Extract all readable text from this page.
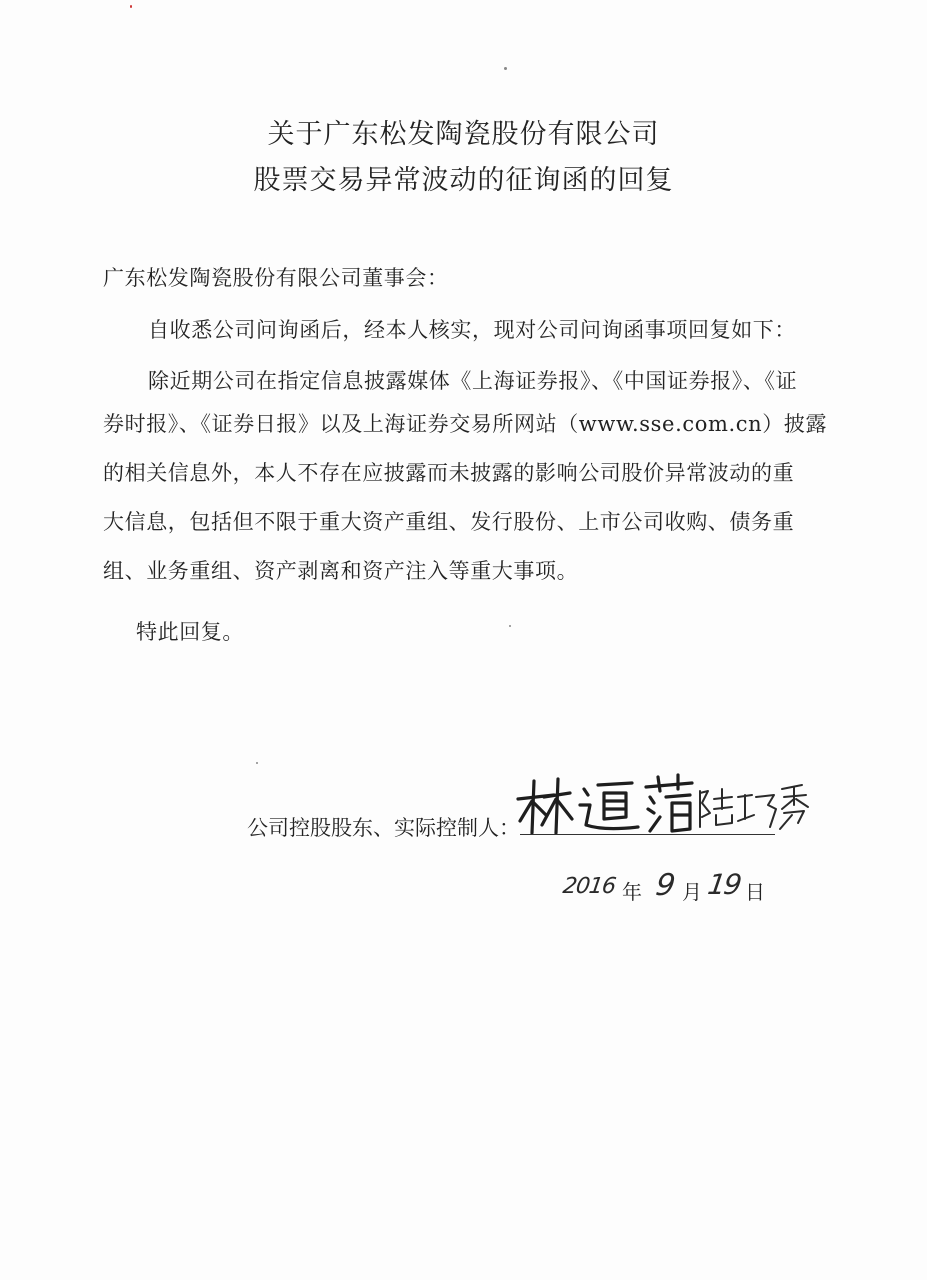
关于广东松发陶瓷股份有限公司
股票交易异常波动的征询函的回复
广东松发陶瓷股份有限公司董事会：
自收悉公司问询函后，经本人核实，现对公司问询函事项回复如下：
除近期公司在指定信息披露媒体《上海证券报》、《中国证券报》、《证
券时报》、《证券日报》以及上海证券交易所网站（www.sse.com.cn）披露
的相关信息外，本人不存在应披露而未披露的影响公司股价异常波动的重
大信息，包括但不限于重大资产重组、发行股份、上市公司收购、债务重
组、业务重组、资产剥离和资产注入等重大事项。
特此回复。
公司控股股东、实际控制人：
2016 年 9 月 19 日
